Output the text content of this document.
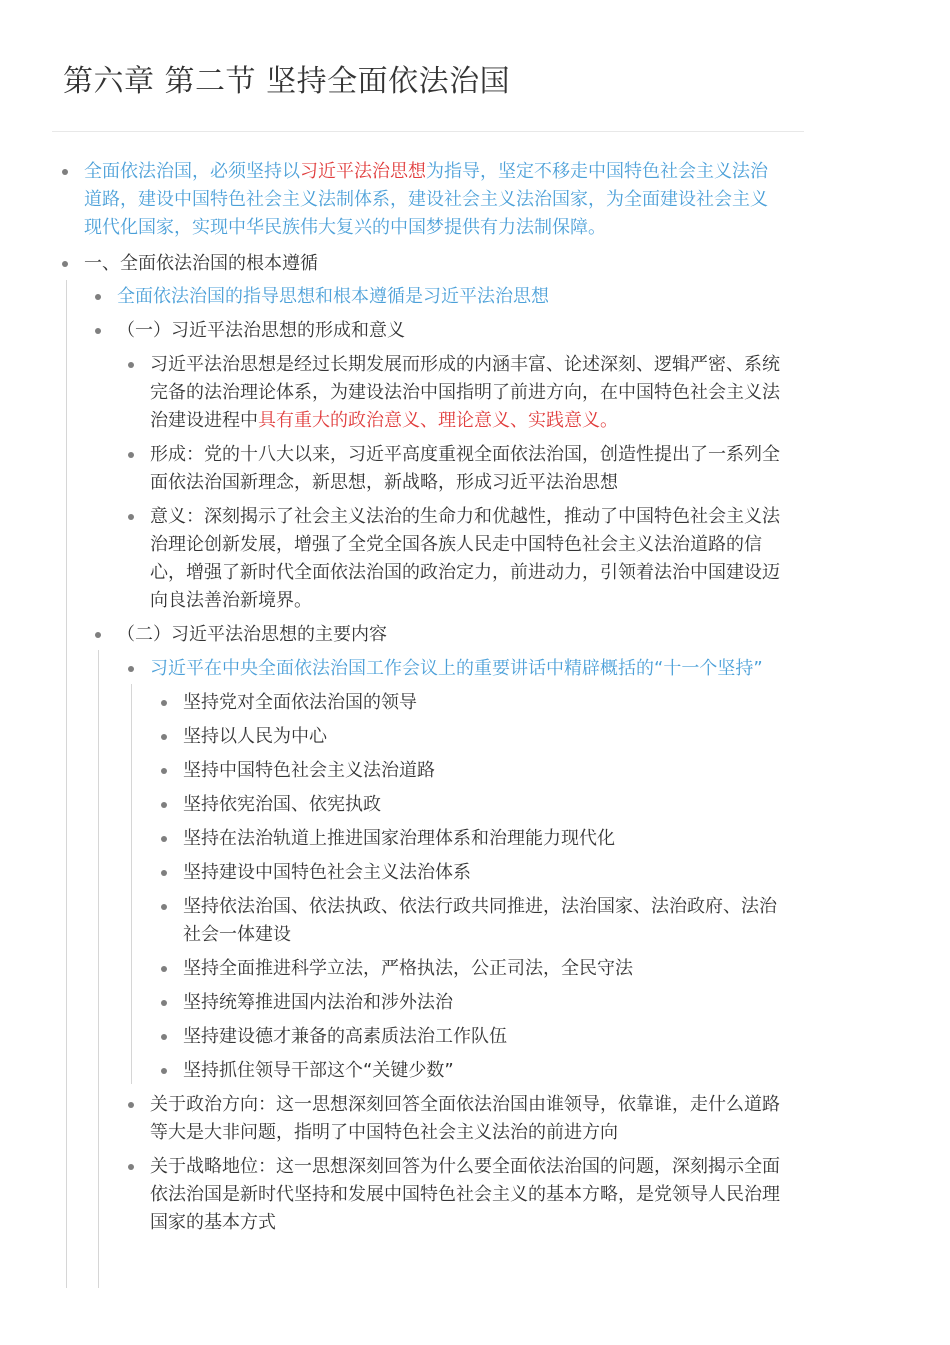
第六章 第二节 坚持全面依法治国
全面依法治国，必须坚持以习近平法治思想为指导，坚定不移走中国特色社会主义法治
道路，建设中国特色社会主义法制体系，建设社会主义法治国家，为全面建设社会主义
现代化国家，实现中华民族伟大复兴的中国梦提供有力法制保障。
一、全面依法治国的根本遵循
全面依法治国的指导思想和根本遵循是习近平法治思想
（一）习近平法治思想的形成和意义
习近平法治思想是经过长期发展而形成的内涵丰富、论述深刻、逻辑严密、系统
完备的法治理论体系，为建设法治中国指明了前进方向，在中国特色社会主义法
治建设进程中具有重大的政治意义、理论意义、实践意义。
形成：党的十八大以来，习近平高度重视全面依法治国，创造性提出了一系列全
面依法治国新理念，新思想，新战略，形成习近平法治思想
意义：深刻揭示了社会主义法治的生命力和优越性，推动了中国特色社会主义法
治理论创新发展，增强了全党全国各族人民走中国特色社会主义法治道路的信
心，增强了新时代全面依法治国的政治定力，前进动力，引领着法治中国建设迈
向良法善治新境界。
（二）习近平法治思想的主要内容
习近平在中央全面依法治国工作会议上的重要讲话中精辟概括的“十一个坚持”
坚持党对全面依法治国的领导
坚持以人民为中心
坚持中国特色社会主义法治道路
坚持依宪治国、依宪执政
坚持在法治轨道上推进国家治理体系和治理能力现代化
坚持建设中国特色社会主义法治体系
坚持依法治国、依法执政、依法行政共同推进，法治国家、法治政府、法治
社会一体建设
坚持全面推进科学立法，严格执法，公正司法，全民守法
坚持统筹推进国内法治和涉外法治
坚持建设德才兼备的高素质法治工作队伍
坚持抓住领导干部这个“关键少数”
关于政治方向：这一思想深刻回答全面依法治国由谁领导，依靠谁，走什么道路
等大是大非问题，指明了中国特色社会主义法治的前进方向
关于战略地位：这一思想深刻回答为什么要全面依法治国的问题，深刻揭示全面
依法治国是新时代坚持和发展中国特色社会主义的基本方略，是党领导人民治理
国家的基本方式
